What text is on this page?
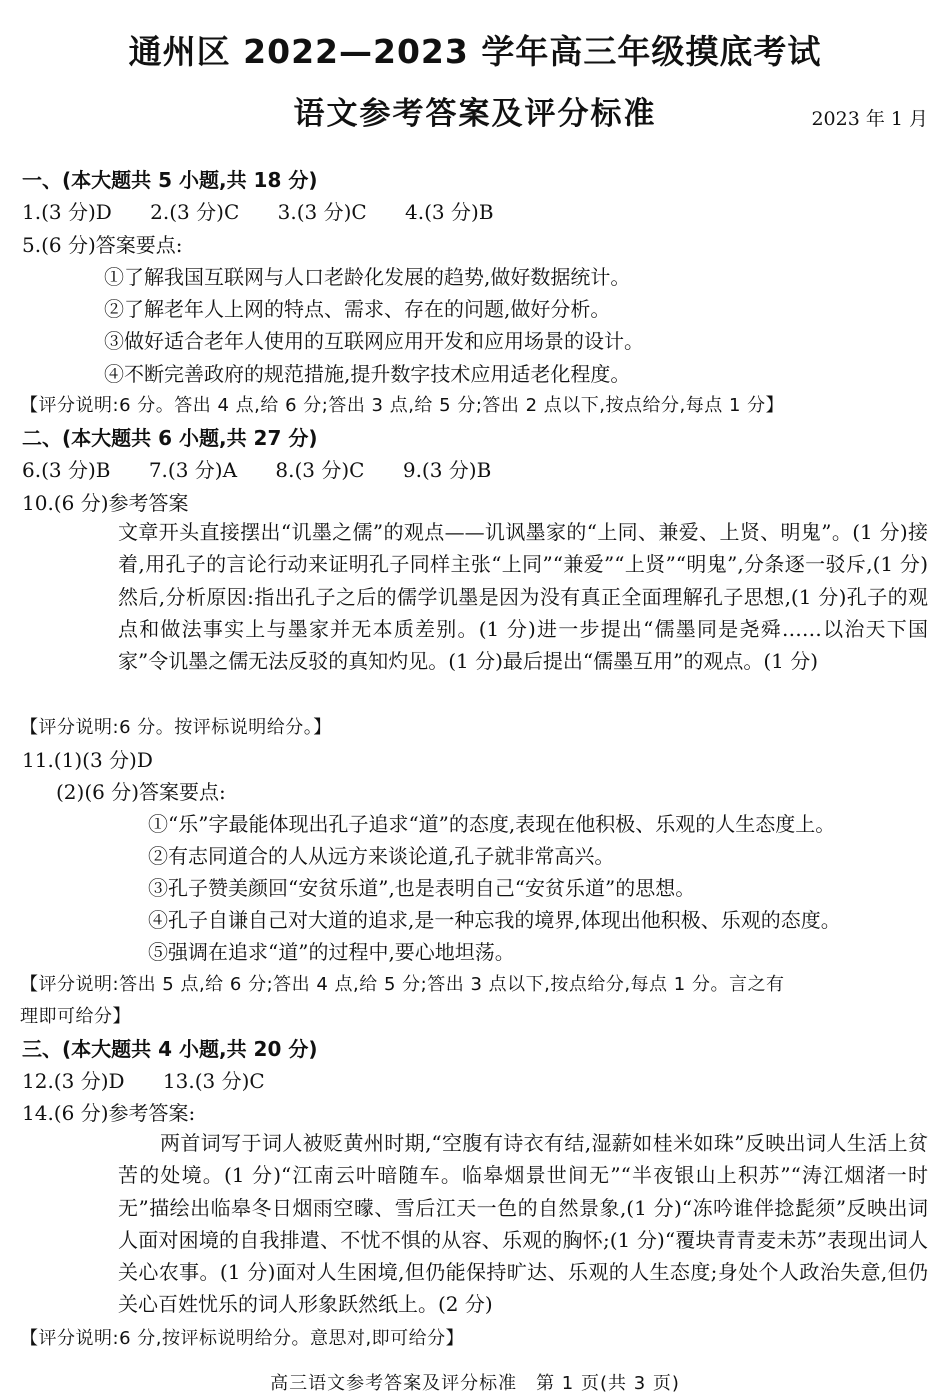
通州区 2022—2023 学年高三年级摸底考试
语文参考答案及评分标准	2023 年 1 月
一、(本大题共 5 小题,共 18 分)
1.(3 分)D 2.(3 分)C 3.(3 分)C 4.(3 分)B
5.(6 分)答案要点:
①了解我国互联网与人口老龄化发展的趋势,做好数据统计。
②了解老年人上网的特点、需求、存在的问题,做好分析。
③做好适合老年人使用的互联网应用开发和应用场景的设计。
④不断完善政府的规范措施,提升数字技术应用适老化程度。
【评分说明:6 分。答出 4 点,给 6 分;答出 3 点,给 5 分;答出 2 点以下,按点给分,每点 1 分】
二、(本大题共 6 小题,共 27 分)
6.(3 分)B 7.(3 分)A 8.(3 分)C 9.(3 分)B
10.(6 分)参考答案
文章开头直接摆出“讥墨之儒”的观点——讥讽墨家的“上同、兼爱、上贤、明鬼”。(1 分)接着,用孔子的言论行动来证明孔子同样主张“上同”“兼爱”“上贤”“明鬼”,分条逐一驳斥,(1 分)然后,分析原因:指出孔子之后的儒学讥墨是因为没有真正全面理解孔子思想,(1 分)孔子的观点和做法事实上与墨家并无本质差别。(1 分)进一步提出“儒墨同是尧舜……以治天下国家”令讥墨之儒无法反驳的真知灼见。(1 分)最后提出“儒墨互用”的观点。(1 分)
【评分说明:6 分。按评标说明给分。】
11.(1)(3 分)D
(2)(6 分)答案要点:
①“乐”字最能体现出孔子追求“道”的态度,表现在他积极、乐观的人生态度上。
②有志同道合的人从远方来谈论道,孔子就非常高兴。
③孔子赞美颜回“安贫乐道”,也是表明自己“安贫乐道”的思想。
④孔子自谦自己对大道的追求,是一种忘我的境界,体现出他积极、乐观的态度。
⑤强调在追求“道”的过程中,要心地坦荡。
【评分说明:答出 5 点,给 6 分;答出 4 点,给 5 分;答出 3 点以下,按点给分,每点 1 分。言之有
理即可给分】
三、(本大题共 4 小题,共 20 分)
12.(3 分)D 13.(3 分)C
14.(6 分)参考答案:
两首词写于词人被贬黄州时期,“空腹有诗衣有结,湿薪如桂米如珠”反映出词人生活上贫苦的处境。(1 分)“江南云叶暗随车。临皋烟景世间无”“半夜银山上积苏”“涛江烟渚一时无”描绘出临皋冬日烟雨空曚、雪后江天一色的自然景象,(1 分)“冻吟谁伴捻髭须”反映出词人面对困境的自我排遣、不忧不惧的从容、乐观的胸怀;(1 分)“覆块青青麦未苏”表现出词人关心农事。(1 分)面对人生困境,但仍能保持旷达、乐观的人生态度;身处个人政治失意,但仍关心百姓忧乐的词人形象跃然纸上。(2 分)
【评分说明:6 分,按评标说明给分。意思对,即可给分】
高三语文参考答案及评分标准　第 1 页(共 3 页)
